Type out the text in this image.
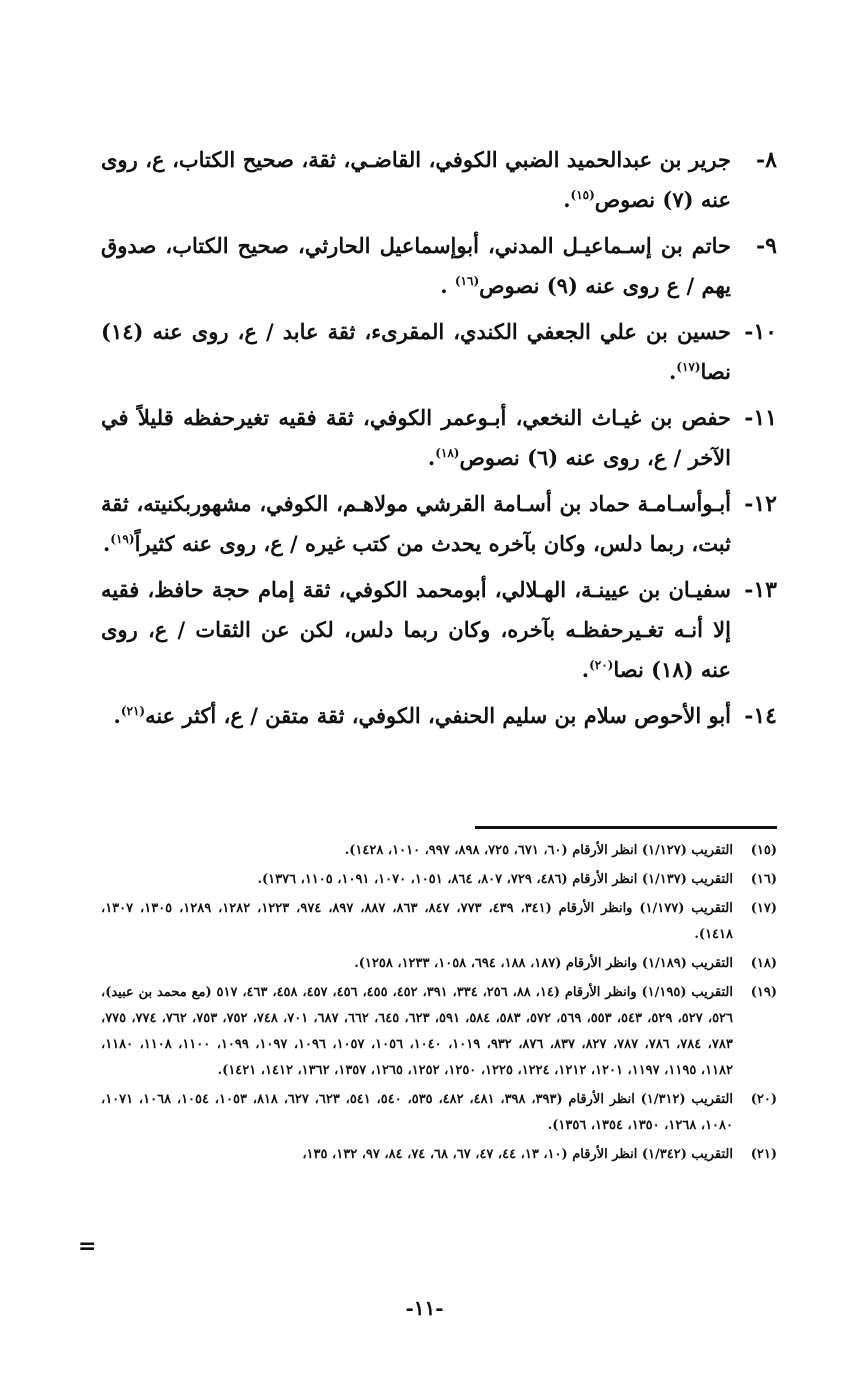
٨-
جرير بن عبدالحميد الضبي الكوفي، القاضـي، ثقة، صحيح الكتاب، ع، روى عنه (٧) نصوص$^{(١٥)}$.
٩-
حاتم بن إسـماعيـل المدني، أبوإسماعيل الحارثي، صحيح الكتاب، صدوق يهم / ع روى عنه (٩) نصوص$^{(١٦)}$ .
١٠-
حسين بن علي الجعفي الكندي، المقرىء، ثقة عابد / ع، روى عنه (١٤) نصا$^{(١٧)}$.
١١-
حفص بن غيـاث النخعي، أبـوعمر الكوفي، ثقة فقيه تغيرحفظه قليلاً في الآخر / ع، روى عنه (٦) نصوص$^{(١٨)}$.
١٢-
أبـوأسـامـة حماد بن أسـامة القرشي مولاهـم، الكوفي، مشهوربكنيته، ثقة ثبت، ربما دلس، وكان بآخره يحدث من كتب غيره / ع، روى عنه كثيراً$^{(١٩)}$.
١٣-
سفيـان بن عيينـة، الهـلالي، أبومحمد الكوفي، ثقة إمام حجة حافظ، فقيه إلا أنـه تغـيرحفظـه بآخره، وكان ربما دلس، لكن عن الثقات / ع، روى عنه (١٨) نصا$^{(٢٠)}$.
١٤-
أبو الأحوص سلام بن سليم الحنفي، الكوفي، ثقة متقن / ع، أكثر عنه$^{(٢١)}$.
(١٥)
التقريب (١/١٢٧) انظر الأرقام (٦٠، ٦٧١، ٧٢٥، ٨٩٨، ٩٩٧، ١٠١٠، ١٤٢٨).
(١٦)
التقريب (١/١٣٧) انظر الأرقام (٤٨٦، ٧٢٩، ٨٠٧، ٨٦٤، ١٠٥١، ١٠٧٠، ١٠٩١، ١١٠٥، ١٣٧٦).
(١٧)
التقريب (١/١٧٧) وانظر الأرقام (٣٤١، ٤٣٩، ٧٧٣، ٨٤٧، ٨٦٣، ٨٨٧، ٨٩٧، ٩٧٤، ١٢٢٣، ١٢٨٢، ١٢٨٩، ١٣٠٥، ١٣٠٧، ١٤١٨).
(١٨)
التقريب (١/١٨٩) وانظر الأرقام (١٨٧، ١٨٨، ٦٩٤، ١٠٥٨، ١٢٣٣، ١٢٥٨).
(١٩)
التقريب (١/١٩٥) وانظر الأرقام (١٤، ٨٨، ٢٥٦، ٣٣٤، ٣٩١، ٤٥٢، ٤٥٥، ٤٥٦، ٤٥٧، ٤٥٨، ٤٦٣، ٥١٧ (مع محمد بن عبيد)، ٥٢٦، ٥٢٧، ٥٢٩، ٥٤٣، ٥٥٣، ٥٦٩، ٥٧٢، ٥٨٣، ٥٨٤، ٥٩١، ٦٢٣، ٦٤٥، ٦٦٢، ٦٨٧، ٧٠١، ٧٤٨، ٧٥٢، ٧٥٣، ٧٦٢، ٧٧٤، ٧٧٥، ٧٨٣، ٧٨٤، ٧٨٦، ٧٨٧، ٨٢٧، ٨٣٧، ٨٧٦، ٩٣٢، ١٠١٩، ١٠٤٠، ١٠٥٦، ١٠٥٧، ١٠٩٦، ١٠٩٧، ١٠٩٩، ١١٠٠، ١١٠٨، ١١٨٠، ١١٨٢، ١١٩٥، ١١٩٧، ١٢٠١، ١٢١٢، ١٢٢٤، ١٢٢٥، ١٢٥٠، ١٢٥٢، ١٢٦٥، ١٣٥٧، ١٣٦٢، ١٤١٢، ١٤٢١).
(٢٠)
التقريب (١/٣١٢) انظر الأرقام (٣٩٣، ٣٩٨، ٤٨١، ٤٨٢، ٥٣٥، ٥٤٠، ٥٤١، ٦٢٣، ٦٢٧، ٨١٨، ١٠٥٣، ١٠٥٤، ١٠٦٨، ١٠٧١، ١٠٨٠، ١٢٦٨، ١٣٥٠، ١٣٥٤، ١٣٥٦).
(٢١)
التقريب (١/٣٤٢) انظر الأرقام (١٠، ١٣، ٤٤، ٤٧، ٦٧، ٦٨، ٧٤، ٨٤، ٩٧، ١٣٢، ١٣٥،
=
-١١-
